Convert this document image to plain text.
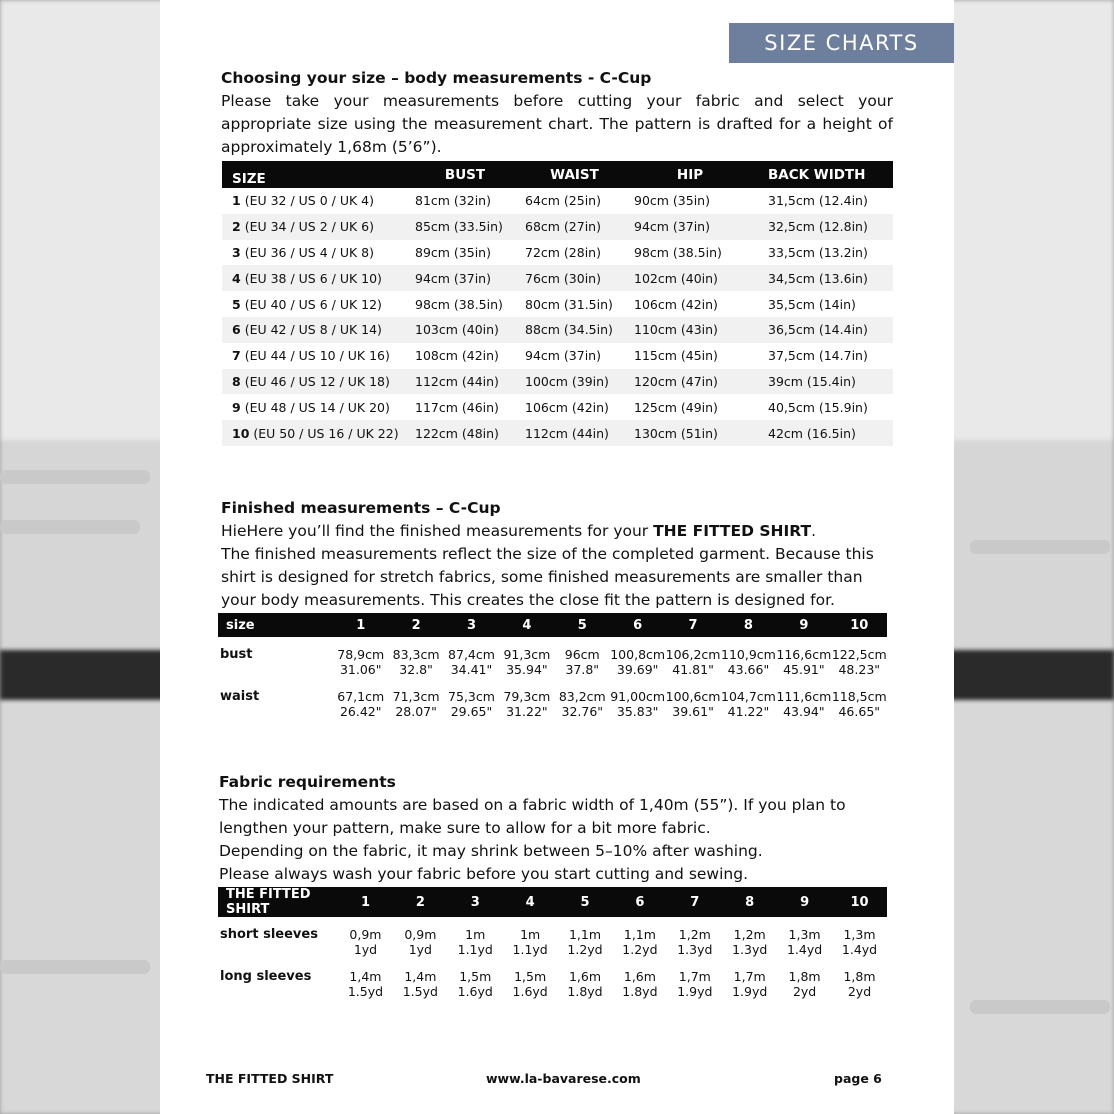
SIZE CHARTS
Choosing your size – body measurements - C-Cup
Please take your measurements before cutting your fabric and select your appropriate size using the measurement chart. The pattern is drafted for a height of approximately 1,68m (5’6”).
SIZE	BUST	WAIST	HIP	BACK WIDTH
1 (EU 32 / US 0 / UK 4)	81cm (32in)	64cm (25in)	90cm (35in)	31,5cm (12.4in)
2 (EU 34 / US 2 / UK 6)	85cm (33.5in)	68cm (27in)	94cm (37in)	32,5cm (12.8in)
3 (EU 36 / US 4 / UK 8)	89cm (35in)	72cm (28in)	98cm (38.5in)	33,5cm (13.2in)
4 (EU 38 / US 6 / UK 10)	94cm (37in)	76cm (30in)	102cm (40in)	34,5cm (13.6in)
5 (EU 40 / US 6 / UK 12)	98cm (38.5in)	80cm (31.5in)	106cm (42in)	35,5cm (14in)
6 (EU 42 / US 8 / UK 14)	103cm (40in)	88cm (34.5in)	110cm (43in)	36,5cm (14.4in)
7 (EU 44 / US 10 / UK 16)	108cm (42in)	94cm (37in)	115cm (45in)	37,5cm (14.7in)
8 (EU 46 / US 12 / UK 18)	112cm (44in)	100cm (39in)	120cm (47in)	39cm (15.4in)
9 (EU 48 / US 14 / UK 20)	117cm (46in)	106cm (42in)	125cm (49in)	40,5cm (15.9in)
10 (EU 50 / US 16 / UK 22)	122cm (48in)	112cm (44in)	130cm (51in)	42cm (16.5in)
Finished measurements – C-Cup
HieHere you’ll find the finished measurements for your THE FITTED SHIRT.
The finished measurements reflect the size of the completed garment. Because this shirt is designed for stretch fabrics, some finished measurements are smaller than your body measurements. This creates the close fit the pattern is designed for.
size	1	2	3	4	5	6	7	8	9	10

bust	78,9cm	83,3cm	87,4cm	91,3cm	96cm	100,8cm	106,2cm	110,9cm	116,6cm	122,5cm
	31.06"	32.8"	34.41"	35.94"	37.8"	39.69"	41.81"	43.66"	45.91"	48.23"

waist	67,1cm	71,3cm	75,3cm	79,3cm	83,2cm	91,00cm	100,6cm	104,7cm	111,6cm	118,5cm
	26.42"	28.07"	29.65"	31.22"	32.76"	35.83"	39.61"	41.22"	43.94"	46.65"
Fabric requirements
The indicated amounts are based on a fabric width of 1,40m (55”). If you plan to lengthen your pattern, make sure to allow for a bit more fabric.
Depending on the fabric, it may shrink between 5–10% after washing.
Please always wash your fabric before you start cutting and sewing.
THE FITTED SHIRT	1	2	3	4	5	6	7	8	9	10

short sleeves	0,9m	0,9m	1m	1m	1,1m	1,1m	1,2m	1,2m	1,3m	1,3m
	1yd	1yd	1.1yd	1.1yd	1.2yd	1.2yd	1.3yd	1.3yd	1.4yd	1.4yd

long sleeves	1,4m	1,4m	1,5m	1,5m	1,6m	1,6m	1,7m	1,7m	1,8m	1,8m
	1.5yd	1.5yd	1.6yd	1.6yd	1.8yd	1.8yd	1.9yd	1.9yd	2yd	2yd
THE FITTED SHIRT	www.la-bavarese.com	page 6
